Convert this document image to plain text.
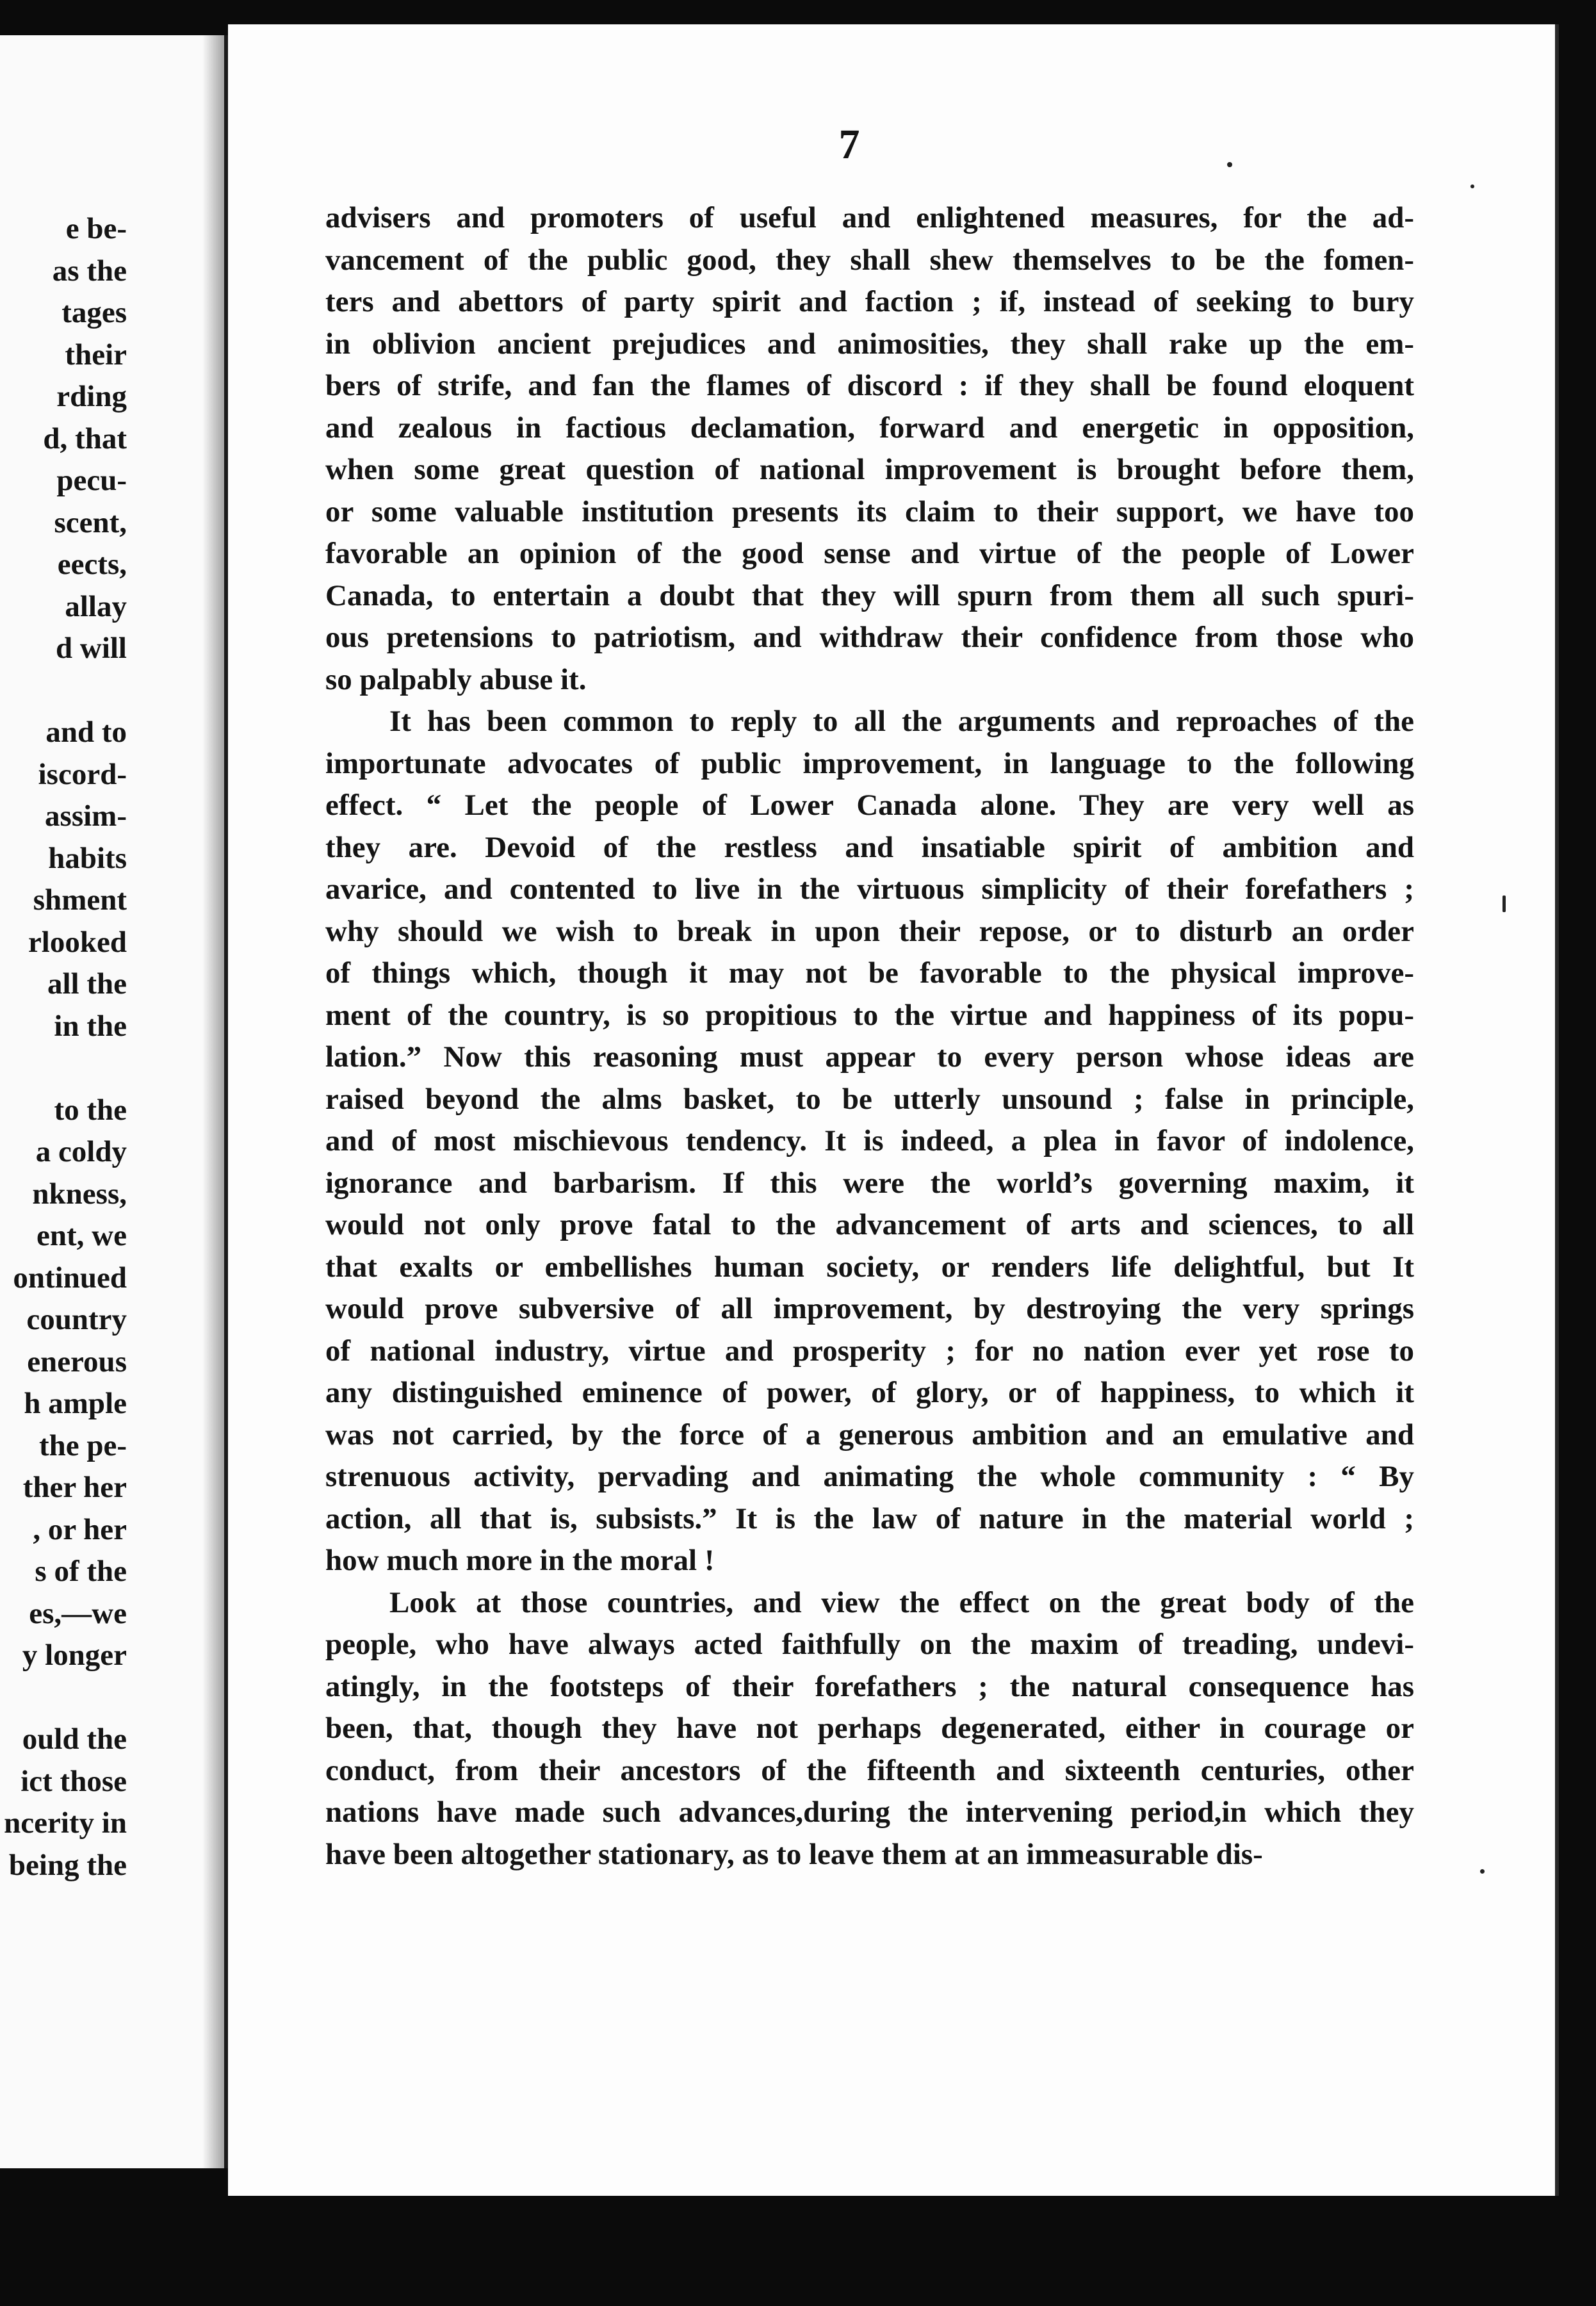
e be-
as the
tages
their
rding
d, that
pecu-
scent,
eects,
allay
d will
and to
iscord-
assim-
habits
shment
rlooked
all the
in the
to the
a coldy
nkness,
ent, we
ontinued
country
enerous
h ample
the pe-
ther her
, or her
s of the
es,—we
y longer
ould the
ict those
ncerity in
being the
7
advisers and promoters of useful and enlightened measures, for the ad-
vancement of the public good, they shall shew themselves to be the fomen-
ters and abettors of party spirit and faction ; if, instead of seeking to bury
in oblivion ancient prejudices and animosities, they shall rake up the em-
bers of strife, and fan the flames of discord : if they shall be found eloquent
and zealous in factious declamation, forward and energetic in opposition,
when some great question of national improvement is brought before them,
or some valuable institution presents its claim to their support, we have too
favorable an opinion of the good sense and virtue of the people of Lower
Canada, to entertain a doubt that they will spurn from them all such spuri-
ous pretensions to patriotism, and withdraw their confidence from those who
so palpably abuse it.
It has been common to reply to all the arguments and reproaches of the
importunate advocates of public improvement, in language to the following
effect. “ Let the people of Lower Canada alone. They are very well as
they are. Devoid of the restless and insatiable spirit of ambition and
avarice, and contented to live in the virtuous simplicity of their forefathers ;
why should we wish to break in upon their repose, or to disturb an order
of things which, though it may not be favorable to the physical improve-
ment of the country, is so propitious to the virtue and happiness of its popu-
lation.” Now this reasoning must appear to every person whose ideas are
raised beyond the alms basket, to be utterly unsound ; false in principle,
and of most mischievous tendency. It is indeed, a plea in favor of indolence,
ignorance and barbarism. If this were the world’s governing maxim, it
would not only prove fatal to the advancement of arts and sciences, to all
that exalts or embellishes human society, or renders life delightful, but It
would prove subversive of all improvement, by destroying the very springs
of national industry, virtue and prosperity ; for no nation ever yet rose to
any distinguished eminence of power, of glory, or of happiness, to which it
was not carried, by the force of a generous ambition and an emulative and
strenuous activity, pervading and animating the whole community : “ By
action, all that is, subsists.” It is the law of nature in the material world ;
how much more in the moral !
Look at those countries, and view the effect on the great body of the
people, who have always acted faithfully on the maxim of treading, undevi-
atingly, in the footsteps of their forefathers ; the natural consequence has
been, that, though they have not perhaps degenerated, either in courage or
conduct, from their ancestors of the fifteenth and sixteenth centuries, other
nations have made such advances,during the intervening period,in which they
have been altogether stationary, as to leave them at an immeasurable dis-
